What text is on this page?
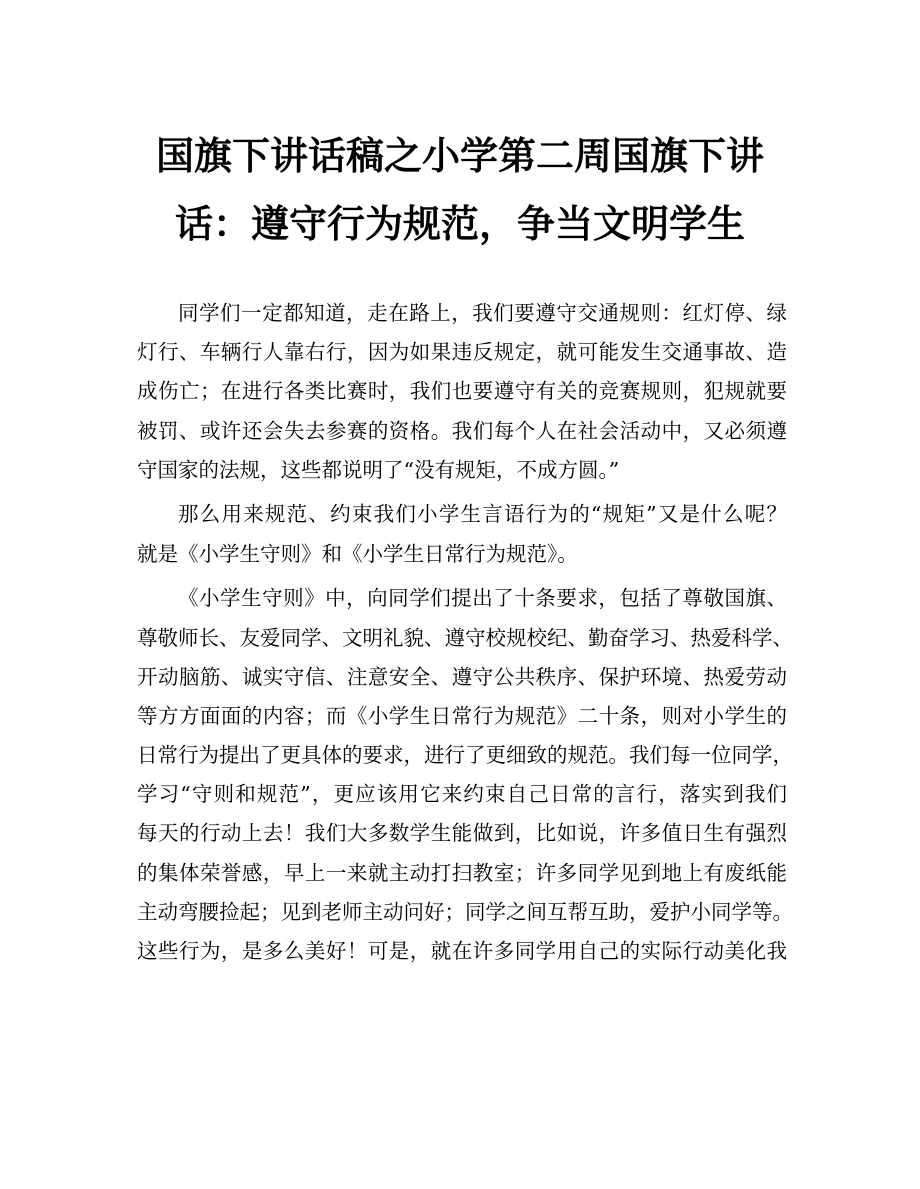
国旗下讲话稿之小学第二周国旗下讲
话：遵守行为规范，争当文明学生

同学们一定都知道，走在路上，我们要遵守交通规则：红灯停、绿
灯行、车辆行人靠右行，因为如果违反规定，就可能发生交通事故、造
成伤亡；在进行各类比赛时，我们也要遵守有关的竞赛规则，犯规就要
被罚、或许还会失去参赛的资格。我们每个人在社会活动中，又必须遵
守国家的法规，这些都说明了“没有规矩，不成方圆。”

那么用来规范、约束我们小学生言语行为的“规矩”又是什么呢？
就是《小学生守则》和《小学生日常行为规范》。

《小学生守则》中，向同学们提出了十条要求，包括了尊敬国旗、
尊敬师长、友爱同学、文明礼貌、遵守校规校纪、勤奋学习、热爱科学、
开动脑筋、诚实守信、注意安全、遵守公共秩序、保护环境、热爱劳动
等方方面面的内容；而《小学生日常行为规范》二十条，则对小学生的
日常行为提出了更具体的要求，进行了更细致的规范。我们每一位同学，
学习“守则和规范”，更应该用它来约束自己日常的言行，落实到我们
每天的行动上去！我们大多数学生能做到，比如说，许多值日生有强烈
的集体荣誉感，早上一来就主动打扫教室；许多同学见到地上有废纸能
主动弯腰捡起；见到老师主动问好；同学之间互帮互助，爱护小同学等。
这些行为，是多么美好！可是，就在许多同学用自己的实际行动美化我
